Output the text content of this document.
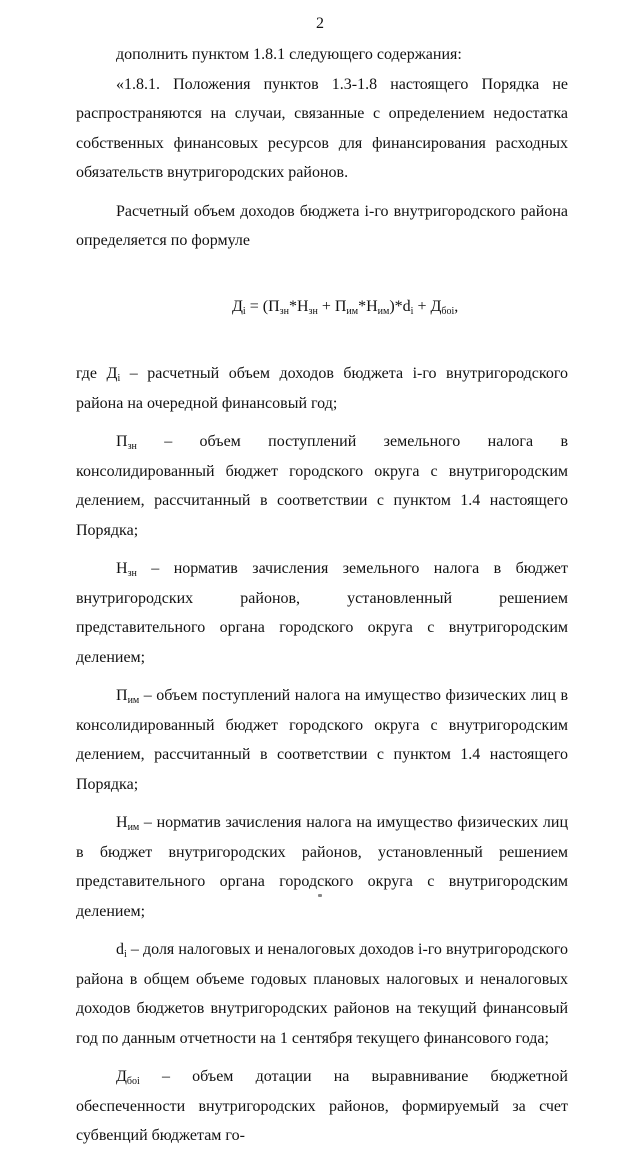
2

дополнить пунктом 1.8.1 следующего содержания:

«1.8.1. Положения пунктов 1.3-1.8 настоящего Порядка не распространяются на случаи, связанные с определением недостатка собственных финансовых ресурсов для финансирования расходных обязательств внутригородских районов.

Расчетный объем доходов бюджета i-го внутригородского района определяется по формуле

$Д_i = (П_{зн}*Н_{зн} + П_{им}*Н_{им})*d_i + Д_{боi}$,

где $Д_i$ – расчетный объем доходов бюджета i-го внутригородского района на очередной финансовый год;

$П_{зн}$ – объем поступлений земельного налога в консолидированный бюджет городского округа с внутригородским делением, рассчитанный в соответствии с пунктом 1.4 настоящего Порядка;

$Н_{зн}$ – норматив зачисления земельного налога в бюджет внутригородских районов, установленный решением представительного органа городского округа с внутригородским делением;

$П_{им}$ – объем поступлений налога на имущество физических лиц в консолидированный бюджет городского округа с внутригородским делением, рассчитанный в соответствии с пунктом 1.4 настоящего Порядка;

$Н_{им}$ – норматив зачисления налога на имущество физических лиц в бюджет внутригородских районов, установленный решением представительного органа городского округа с внутригородским делением;

$d_i$ – доля налоговых и неналоговых доходов i-го внутригородского района в общем объеме годовых плановых налоговых и неналоговых доходов бюджетов внутригородских районов на текущий финансовый год по данным отчетности на 1 сентября текущего финансового года;

$Д_{боi}$ – объем дотации на выравнивание бюджетной обеспеченности внутригородских районов, формируемый за счет субвенций бюджетам го-
